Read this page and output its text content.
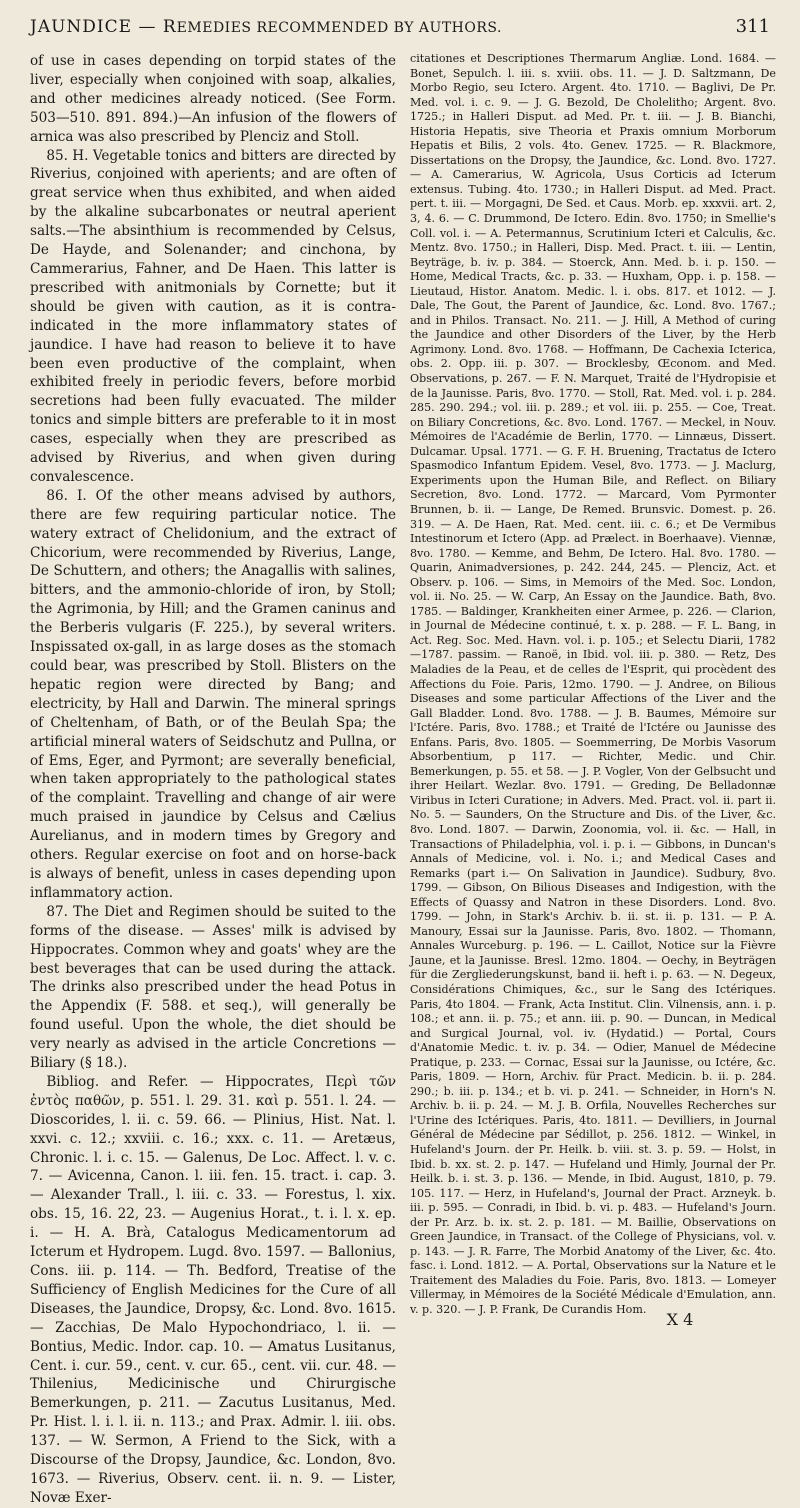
JAUNDICE — REMEDIES RECOMMENDED BY AUTHORS.	311

of use in cases depending on torpid states of the liver, especially when conjoined with soap, alkalies, and other medicines already noticed. (See Form. 503—510. 891. 894.)—An infusion of the flowers of arnica was also prescribed by Plenciz and Stoll.

85. H. Vegetable tonics and bitters are directed by Riverius, conjoined with aperients; and are often of great service when thus exhibited, and when aided by the alkaline subcarbonates or neutral aperient salts.—The absinthium is recommended by Celsus, De Hayde, and Solenander; and cinchona, by Cammerarius, Fahner, and De Haen. This latter is prescribed with anitmonials by Cornette; but it should be given with caution, as it is contra-indicated in the more inflammatory states of jaundice. I have had reason to believe it to have been even productive of the complaint, when exhibited freely in periodic fevers, before morbid secretions had been fully evacuated. The milder tonics and simple bitters are preferable to it in most cases, especially when they are prescribed as advised by Riverius, and when given during convalescence.

86. I. Of the other means advised by authors, there are few requiring particular notice. The watery extract of Chelidonium, and the extract of Chicorium, were recommended by Riverius, Lange, De Schuttern, and others; the Anagallis with salines, bitters, and the ammonio-chloride of iron, by Stoll; the Agrimonia, by Hill; and the Gramen caninus and the Berberis vulgaris (F. 225.), by several writers. Inspissated ox-gall, in as large doses as the stomach could bear, was prescribed by Stoll. Blisters on the hepatic region were directed by Bang; and electricity, by Hall and Darwin. The mineral springs of Cheltenham, of Bath, or of the Beulah Spa; the artificial mineral waters of Seidschutz and Pullna, or of Ems, Eger, and Pyrmont; are severally beneficial, when taken appropriately to the pathological states of the complaint. Travelling and change of air were much praised in jaundice by Celsus and Cælius Aurelianus, and in modern times by Gregory and others. Regular exercise on foot and on horse-back is always of benefit, unless in cases depending upon inflammatory action.

87. The Diet and Regimen should be suited to the forms of the disease. — Asses' milk is advised by Hippocrates. Common whey and goats' whey are the best beverages that can be used during the attack. The drinks also prescribed under the head Potus in the Appendix (F. 588. et seq.), will generally be found useful. Upon the whole, the diet should be very nearly as advised in the article Concretions — Biliary (§ 18.).

Bibliog. and Refer. — Hippocrates, Περὶ τῶν ἐντὸς παθῶν, p. 551. l. 29. 31. καὶ p. 551. l. 24. — Dioscorides, l. ii. c. 59. 66. — Plinius, Hist. Nat. l. xxvi. c. 12.; xxviii. c. 16.; xxx. c. 11. — Aretæus, Chronic. l. i. c. 15. — Galenus, De Loc. Affect. l. v. c. 7. — Avicenna, Canon. l. iii. fen. 15. tract. i. cap. 3. — Alexander Trall., l. iii. c. 33. — Forestus, l. xix. obs. 15, 16. 22, 23. — Augenius Horat., t. i. l. x. ep. i. — H. A. Brà, Catalogus Medicamentorum ad Icterum et Hydropem. Lugd. 8vo. 1597. — Ballonius, Cons. iii. p. 114. — Th. Bedford, Treatise of the Sufficiency of English Medicines for the Cure of all Diseases, the Jaundice, Dropsy, &c. Lond. 8vo. 1615. — Zacchias, De Malo Hypochondriaco, l. ii. — Bontius, Medic. Indor. cap. 10. — Amatus Lusitanus, Cent. i. cur. 59., cent. v. cur. 65., cent. vii. cur. 48. — Thilenius, Medicinische und Chirurgische Bemerkungen, p. 211. — Zacutus Lusitanus, Med. Pr. Hist. l. i. l. ii. n. 113.; and Prax. Admir. l. iii. obs. 137. — W. Sermon, A Friend to the Sick, with a Discourse of the Dropsy, Jaundice, &c. London, 8vo. 1673. — Riverius, Observ. cent. ii. n. 9. — Lister, Novæ Exer-

citationes et Descriptiones Thermarum Angliæ. Lond. 1684. — Bonet, Sepulch. l. iii. s. xviii. obs. 11. — J. D. Saltzmann, De Morbo Regio, seu Ictero. Argent. 4to. 1710. — Baglivi, De Pr. Med. vol. i. c. 9. — J. G. Bezold, De Cholelitho; Argent. 8vo. 1725.; in Halleri Disput. ad Med. Pr. t. iii. — J. B. Bianchi, Historia Hepatis, sive Theoria et Praxis omnium Morborum Hepatis et Bilis, 2 vols. 4to. Genev. 1725. — R. Blackmore, Dissertations on the Dropsy, the Jaundice, &c. Lond. 8vo. 1727. — A. Camerarius, W. Agricola, Usus Corticis ad Icterum extensus. Tubing. 4to. 1730.; in Halleri Disput. ad Med. Pract. pert. t. iii. — Morgagni, De Sed. et Caus. Morb. ep. xxxvii. art. 2, 3, 4. 6. — C. Drummond, De Ictero. Edin. 8vo. 1750; in Smellie's Coll. vol. i. — A. Petermannus, Scrutinium Icteri et Calculis, &c. Mentz. 8vo. 1750.; in Halleri, Disp. Med. Pract. t. iii. — Lentin, Beyträge, b. iv. p. 384. — Stoerck, Ann. Med. b. i. p. 150. — Home, Medical Tracts, &c. p. 33. — Huxham, Opp. i. p. 158. — Lieutaud, Histor. Anatom. Medic. l. i. obs. 817. et 1012. — J. Dale, The Gout, the Parent of Jaundice, &c. Lond. 8vo. 1767.; and in Philos. Transact. No. 211. — J. Hill, A Method of curing the Jaundice and other Disorders of the Liver, by the Herb Agrimony. Lond. 8vo. 1768. — Hoffmann, De Cachexia Icterica, obs. 2. Opp. iii. p. 307. — Brocklesby, Œconom. and Med. Observations, p. 267. — F. N. Marquet, Traité de l'Hydropisie et de la Jaunisse. Paris, 8vo. 1770. — Stoll, Rat. Med. vol. i. p. 284. 285. 290. 294.; vol. iii. p. 289.; et vol. iii. p. 255. — Coe, Treat. on Biliary Concretions, &c. 8vo. Lond. 1767. — Meckel, in Nouv. Mémoires de l'Académie de Berlin, 1770. — Linnæus, Dissert. Dulcamar. Upsal. 1771. — G. F. H. Bruening, Tractatus de Ictero Spasmodico Infantum Epidem. Vesel, 8vo. 1773. — J. Maclurg, Experiments upon the Human Bile, and Reflect. on Biliary Secretion, 8vo. Lond. 1772. — Marcard, Vom Pyrmonter Brunnen, b. ii. — Lange, De Remed. Brunsvic. Domest. p. 26. 319. — A. De Haen, Rat. Med. cent. iii. c. 6.; et De Vermibus Intestinorum et Ictero (App. ad Prælect. in Boerhaave). Viennæ, 8vo. 1780. — Kemme, and Behm, De Ictero. Hal. 8vo. 1780. — Quarin, Animadversiones, p. 242. 244, 245. — Plenciz, Act. et Observ. p. 106. — Sims, in Memoirs of the Med. Soc. London, vol. ii. No. 25. — W. Carp, An Essay on the Jaundice. Bath, 8vo. 1785. — Baldinger, Krankheiten einer Armee, p. 226. — Clarion, in Journal de Médecine continué, t. x. p. 288. — F. L. Bang, in Act. Reg. Soc. Med. Havn. vol. i. p. 105.; et Selectu Diarii, 1782—1787. passim. — Ranoë, in Ibid. vol. iii. p. 380. — Retz, Des Maladies de la Peau, et de celles de l'Esprit, qui procèdent des Affections du Foie. Paris, 12mo. 1790. — J. Andree, on Bilious Diseases and some particular Affections of the Liver and the Gall Bladder. Lond. 8vo. 1788. — J. B. Baumes, Mémoire sur l'Ictére. Paris, 8vo. 1788.; et Traité de l'Ictére ou Jaunisse des Enfans. Paris, 8vo. 1805. — Soemmerring, De Morbis Vasorum Absorbentium, p 117. — Richter, Medic. und Chir. Bemerkungen, p. 55. et 58. — J. P. Vogler, Von der Gelbsucht und ihrer Heilart. Wezlar. 8vo. 1791. — Greding, De Belladonnæ Viribus in Icteri Curatione; in Advers. Med. Pract. vol. ii. part ii. No. 5. — Saunders, On the Structure and Dis. of the Liver, &c. 8vo. Lond. 1807. — Darwin, Zoonomia, vol. ii. &c. — Hall, in Transactions of Philadelphia, vol. i. p. i. — Gibbons, in Duncan's Annals of Medicine, vol. i. No. i.; and Medical Cases and Remarks (part i.— On Salivation in Jaundice). Sudbury, 8vo. 1799. — Gibson, On Bilious Diseases and Indigestion, with the Effects of Quassy and Natron in these Disorders. Lond. 8vo. 1799. — John, in Stark's Archiv. b. ii. st. ii. p. 131. — P. A. Manoury, Essai sur la Jaunisse. Paris, 8vo. 1802. — Thomann, Annales Wurceburg. p. 196. — L. Caillot, Notice sur la Fièvre Jaune, et la Jaunisse. Bresl. 12mo. 1804. — Oechy, in Beyträgen für die Zergliederungskunst, band ii. heft i. p. 63. — N. Degeux, Considérations Chimiques, &c., sur le Sang des Ictériques. Paris, 4to 1804. — Frank, Acta Institut. Clin. Vilnensis, ann. i. p. 108.; et ann. ii. p. 75.; et ann. iii. p. 90. — Duncan, in Medical and Surgical Journal, vol. iv. (Hydatid.) — Portal, Cours d'Anatomie Medic. t. iv. p. 34. — Odier, Manuel de Médecine Pratique, p. 233. — Cornac, Essai sur la Jaunisse, ou Ictére, &c. Paris, 1809. — Horn, Archiv. für Pract. Medicin. b. ii. p. 284. 290.; b. iii. p. 134.; et b. vi. p. 241. — Schneider, in Horn's N. Archiv. b. ii. p. 24. — M. J. B. Orfila, Nouvelles Recherches sur l'Urine des Ictériques. Paris, 4to. 1811. — Devilliers, in Journal Général de Médecine par Sédillot, p. 256. 1812. — Winkel, in Hufeland's Journ. der Pr. Heilk. b. viii. st. 3. p. 59. — Holst, in Ibid. b. xx. st. 2. p. 147. — Hufeland und Himly, Journal der Pr. Heilk. b. i. st. 3. p. 136. — Mende, in Ibid. August, 1810, p. 79. 105. 117. — Herz, in Hufeland's, Journal der Pract. Arzneyk. b. iii. p. 595. — Conradi, in Ibid. b. vi. p. 483. — Hufeland's Journ. der Pr. Arz. b. ix. st. 2. p. 181. — M. Baillie, Observations on Green Jaundice, in Transact. of the College of Physicians, vol. v. p. 143. — J. R. Farre, The Morbid Anatomy of the Liver, &c. 4to. fasc. i. Lond. 1812. — A. Portal, Observations sur la Nature et le Traitement des Maladies du Foie. Paris, 8vo. 1813. — Lomeyer Villermay, in Mémoires de la Société Médicale d'Emulation, ann. v. p. 320. — J. P. Frank, De Curandis Hom.

X 4
